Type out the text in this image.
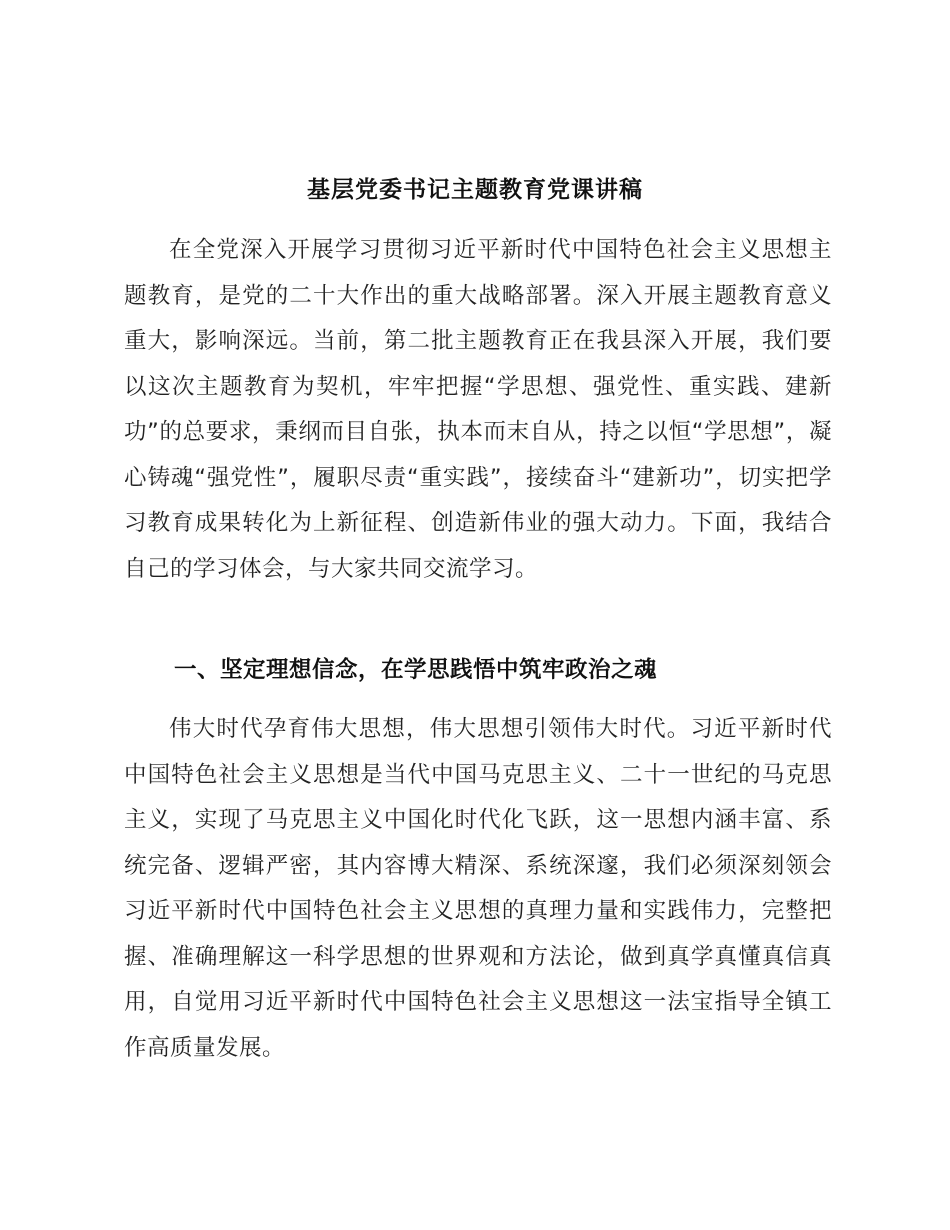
基层党委书记主题教育党课讲稿

在全党深入开展学习贯彻习近平新时代中国特色社会主义思想主题教育，是党的二十大作出的重大战略部署。深入开展主题教育意义重大，影响深远。当前，第二批主题教育正在我县深入开展，我们要以这次主题教育为契机，牢牢把握“学思想、强党性、重实践、建新功”的总要求，秉纲而目自张，执本而末自从，持之以恒“学思想”，凝心铸魂“强党性”，履职尽责“重实践”，接续奋斗“建新功”，切实把学习教育成果转化为上新征程、创造新伟业的强大动力。下面，我结合自己的学习体会，与大家共同交流学习。

一、坚定理想信念，在学思践悟中筑牢政治之魂

伟大时代孕育伟大思想，伟大思想引领伟大时代。习近平新时代中国特色社会主义思想是当代中国马克思主义、二十一世纪的马克思主义，实现了马克思主义中国化时代化飞跃，这一思想内涵丰富、系统完备、逻辑严密，其内容博大精深、系统深邃，我们必须深刻领会习近平新时代中国特色社会主义思想的真理力量和实践伟力，完整把握、准确理解这一科学思想的世界观和方法论，做到真学真懂真信真用，自觉用习近平新时代中国特色社会主义思想这一法宝指导全镇工作高质量发展。
